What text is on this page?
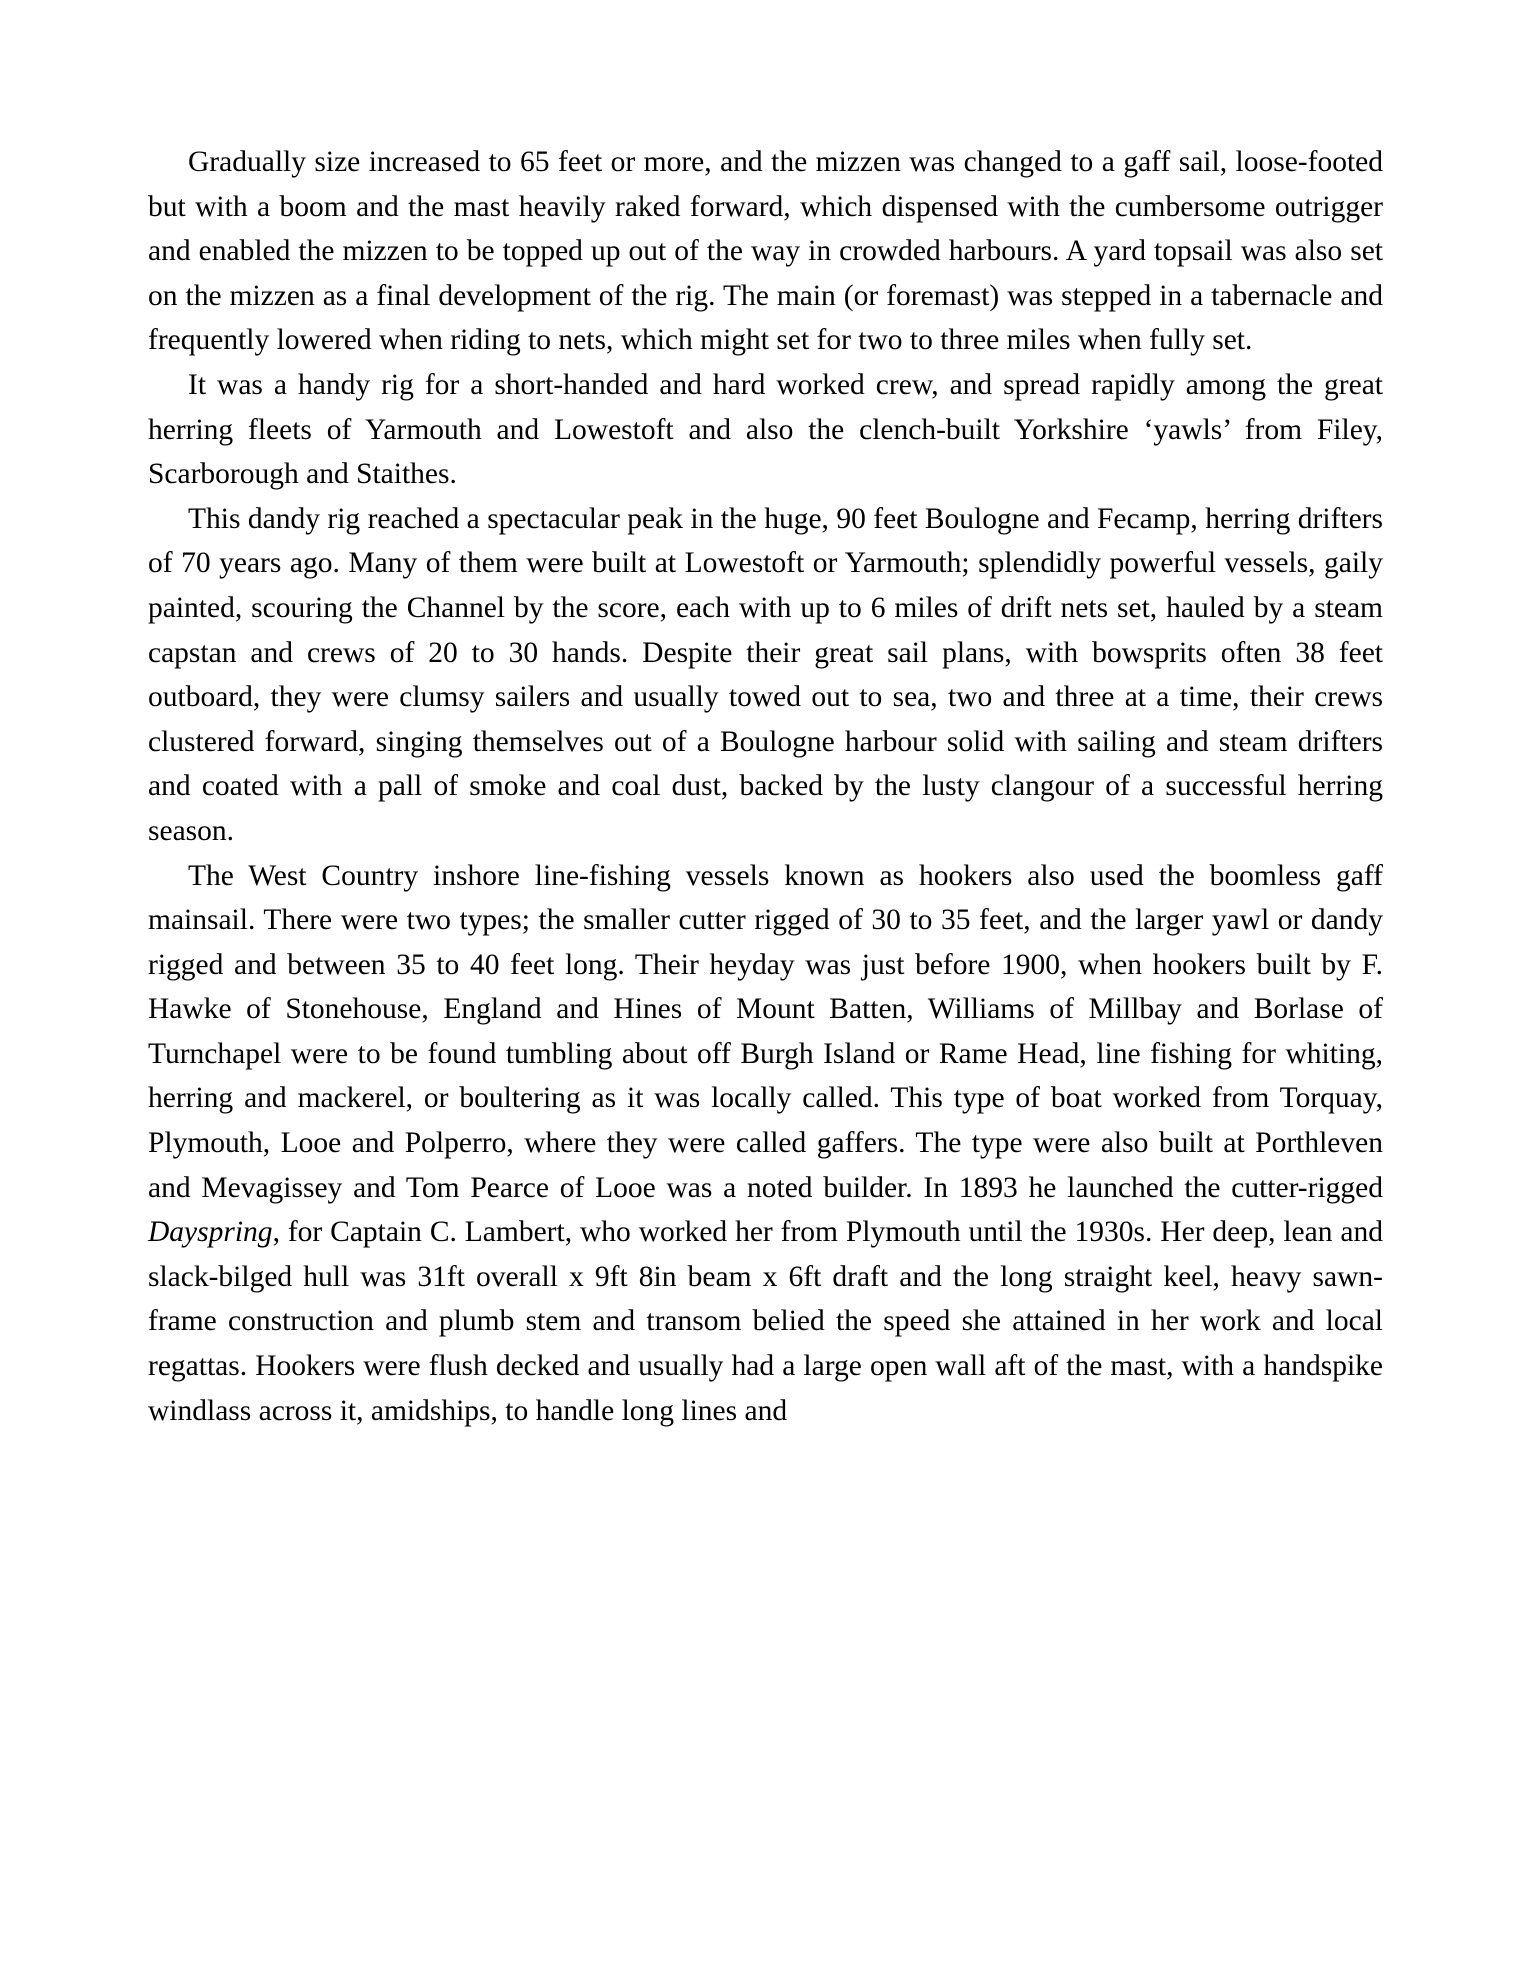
Gradually size increased to 65 feet or more, and the mizzen was changed to a gaff sail, loose-footed but with a boom and the mast heavily raked forward, which dispensed with the cumbersome outrigger and enabled the mizzen to be topped up out of the way in crowded harbours. A yard topsail was also set on the mizzen as a final development of the rig. The main (or foremast) was stepped in a tabernacle and frequently lowered when riding to nets, which might set for two to three miles when fully set.

It was a handy rig for a short-handed and hard worked crew, and spread rapidly among the great herring fleets of Yarmouth and Lowestoft and also the clench-built Yorkshire ‘yawls’ from Filey, Scarborough and Staithes.

This dandy rig reached a spectacular peak in the huge, 90 feet Boulogne and Fecamp, herring drifters of 70 years ago. Many of them were built at Lowestoft or Yarmouth; splendidly powerful vessels, gaily painted, scouring the Channel by the score, each with up to 6 miles of drift nets set, hauled by a steam capstan and crews of 20 to 30 hands. Despite their great sail plans, with bowsprits often 38 feet outboard, they were clumsy sailers and usually towed out to sea, two and three at a time, their crews clustered forward, singing themselves out of a Boulogne harbour solid with sailing and steam drifters and coated with a pall of smoke and coal dust, backed by the lusty clangour of a successful herring season.

The West Country inshore line-fishing vessels known as hookers also used the boomless gaff mainsail. There were two types; the smaller cutter rigged of 30 to 35 feet, and the larger yawl or dandy rigged and between 35 to 40 feet long. Their heyday was just before 1900, when hookers built by F. Hawke of Stonehouse, England and Hines of Mount Batten, Williams of Millbay and Borlase of Turnchapel were to be found tumbling about off Burgh Island or Rame Head, line fishing for whiting, herring and mackerel, or boultering as it was locally called. This type of boat worked from Torquay, Plymouth, Looe and Polperro, where they were called gaffers. The type were also built at Porthleven and Mevagissey and Tom Pearce of Looe was a noted builder. In 1893 he launched the cutter-rigged Dayspring, for Captain C. Lambert, who worked her from Plymouth until the 1930s. Her deep, lean and slack-bilged hull was 31ft overall x 9ft 8in beam x 6ft draft and the long straight keel, heavy sawn-frame construction and plumb stem and transom belied the speed she attained in her work and local regattas. Hookers were flush decked and usually had a large open wall aft of the mast, with a handspike windlass across it, amidships, to handle long lines and
